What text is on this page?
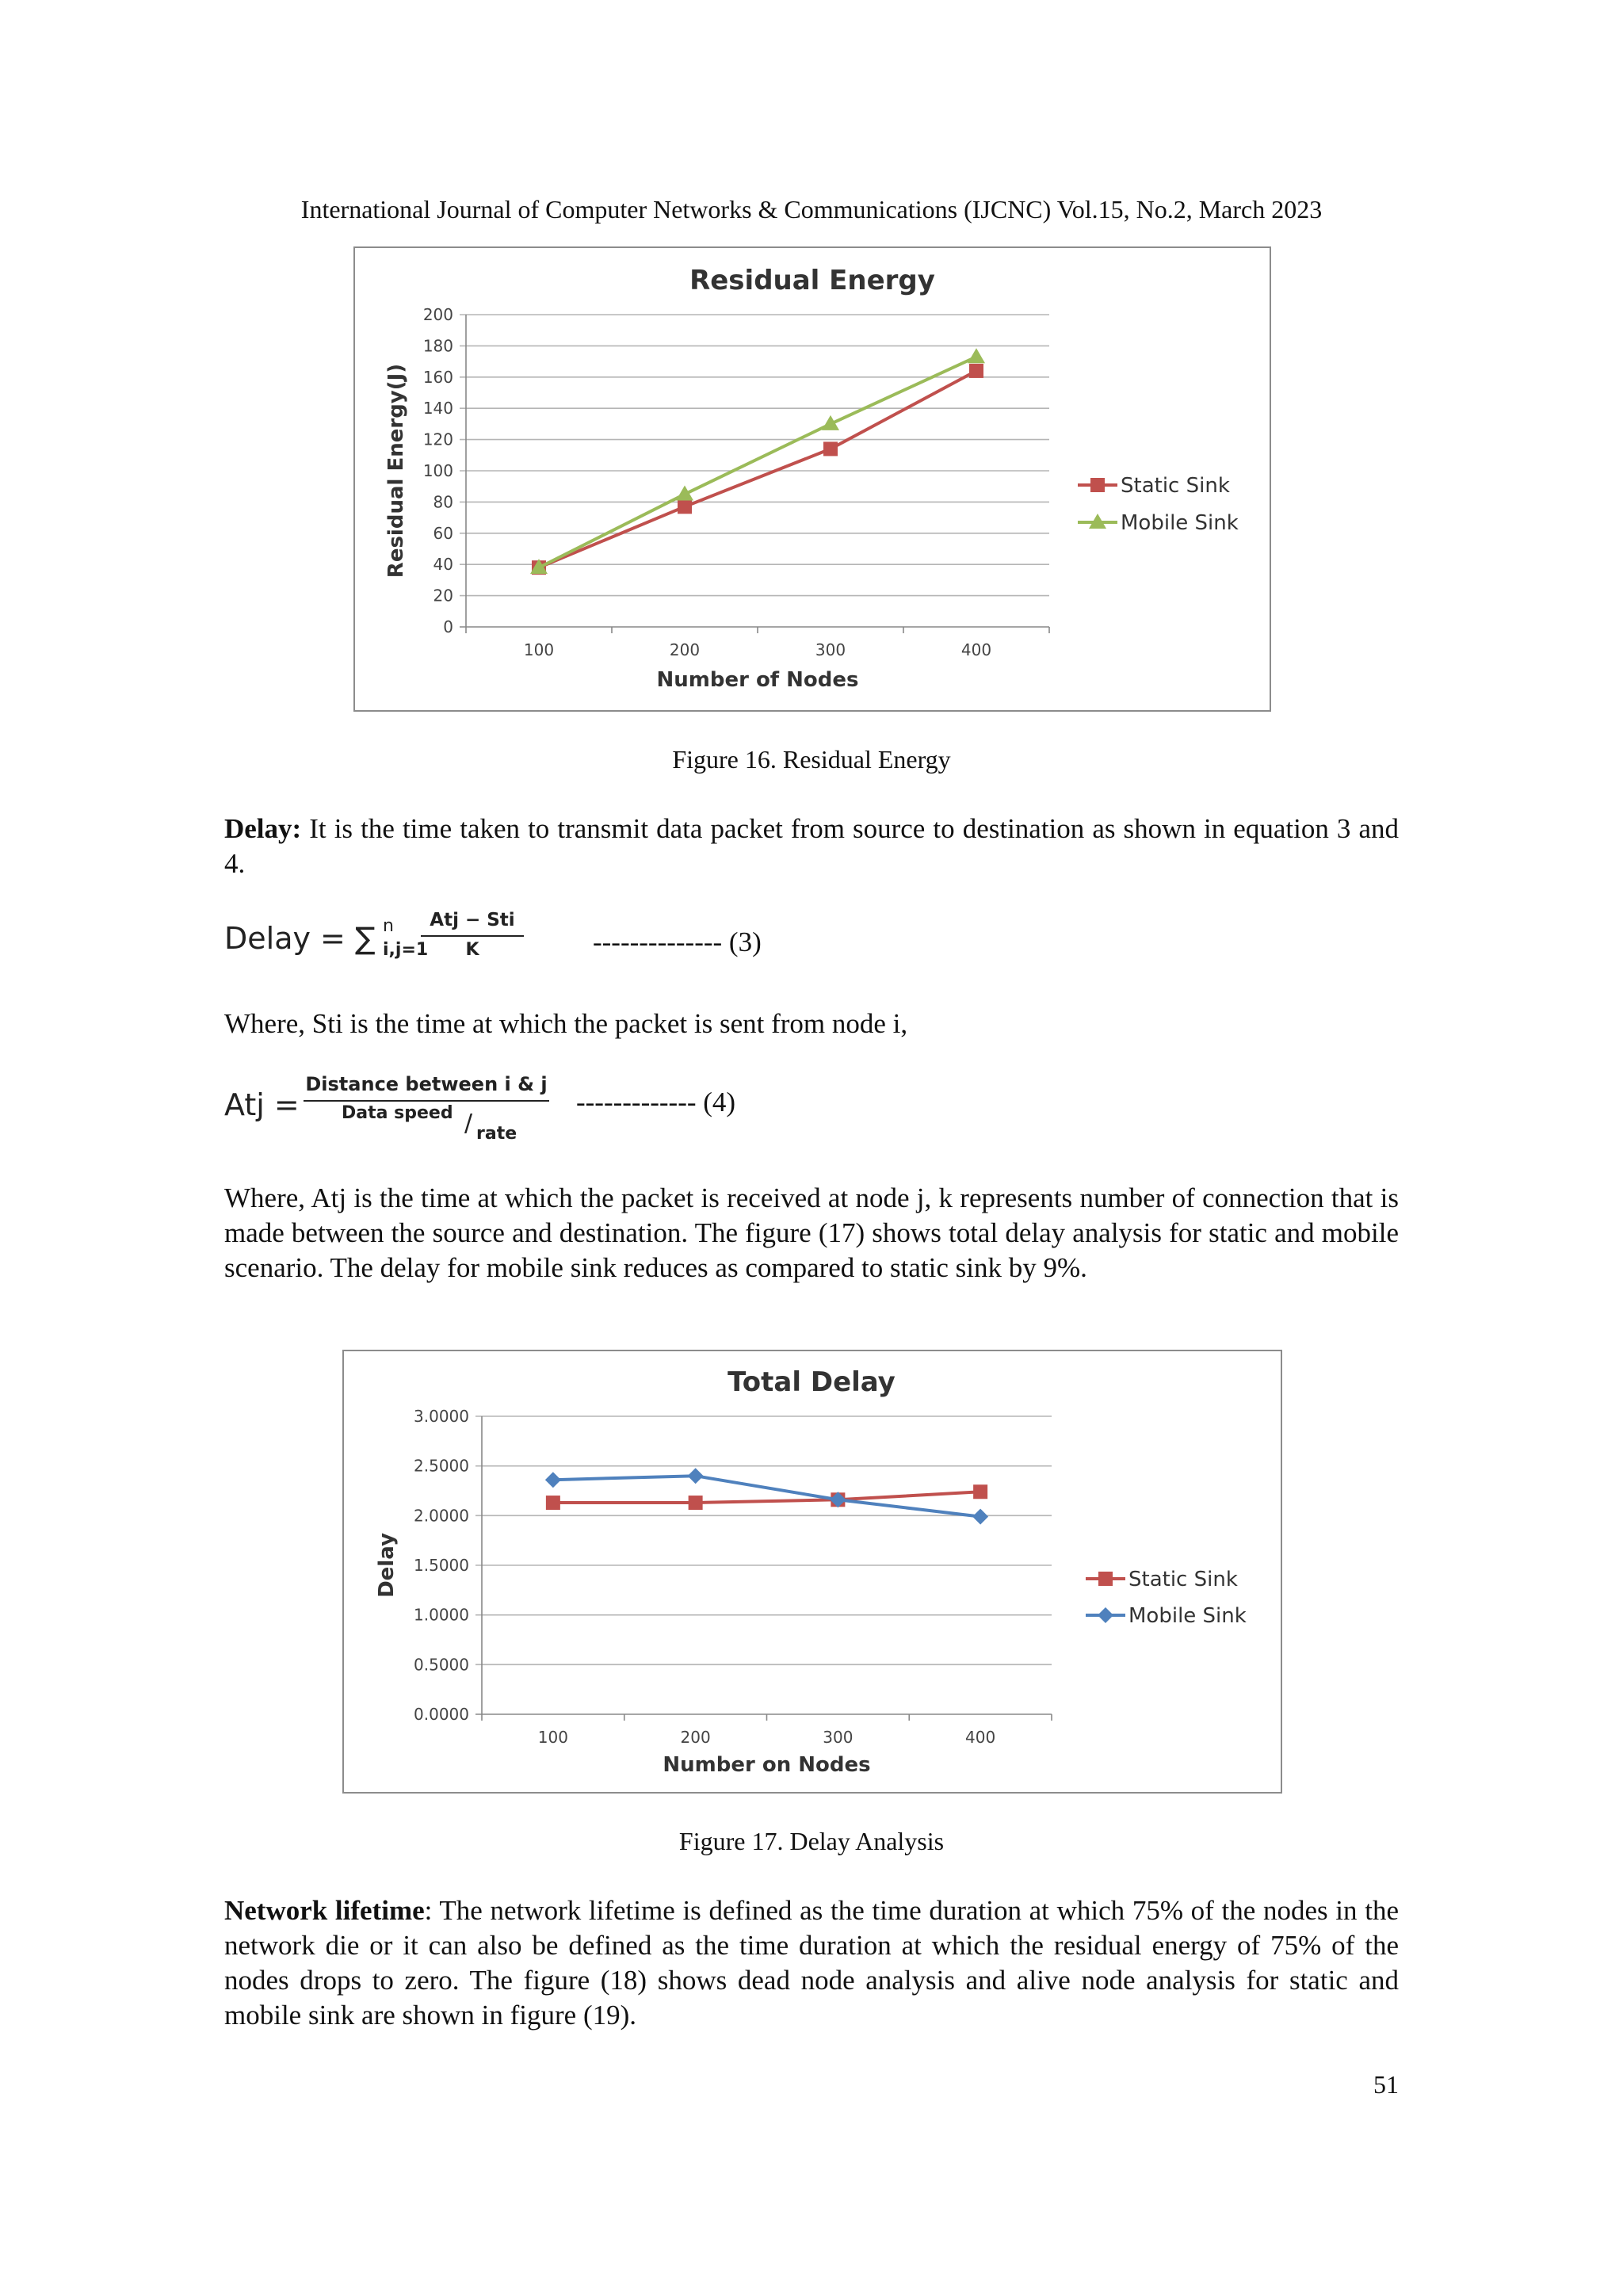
International Journal of Computer Networks & Communications (IJCNC) Vol.15, No.2, March 2023
Residual Energy
0
20
40
60
80
100
120
140
160
180
200
100	200	300	400
Number of Nodes
Residual Energy(J)	Static Sink
Mobile Sink
Figure 16. Residual Energy
Delay: It is the time taken to transmit data packet from source to destination as shown in equation 3 and 4.
Delay = ∑ n
i,j=1
Atj − Sti
K	-------------- (3)
Where, Sti is the time at which the packet is sent from node i,
Atj =
Distance between i & j
Data speed / rate
------------- (4)
Where, Atj is the time at which the packet is received at node j, k represents number of connection that is made between the source and destination. The figure (17) shows total delay analysis for static and mobile scenario. The delay for mobile sink reduces as compared to static sink by 9%.
Total Delay
0.0000
0.5000
1.0000
1.5000
2.0000
2.5000
3.0000
100	200	300	400
Number on Nodes
Delay	Static Sink
Mobile Sink
Figure 17. Delay Analysis
Network lifetime: The network lifetime is defined as the time duration at which 75% of the nodes in the network die or it can also be defined as the time duration at which the residual energy of 75% of the nodes drops to zero. The figure (18) shows dead node analysis and alive node analysis for static and mobile sink are shown in figure (19).
51
